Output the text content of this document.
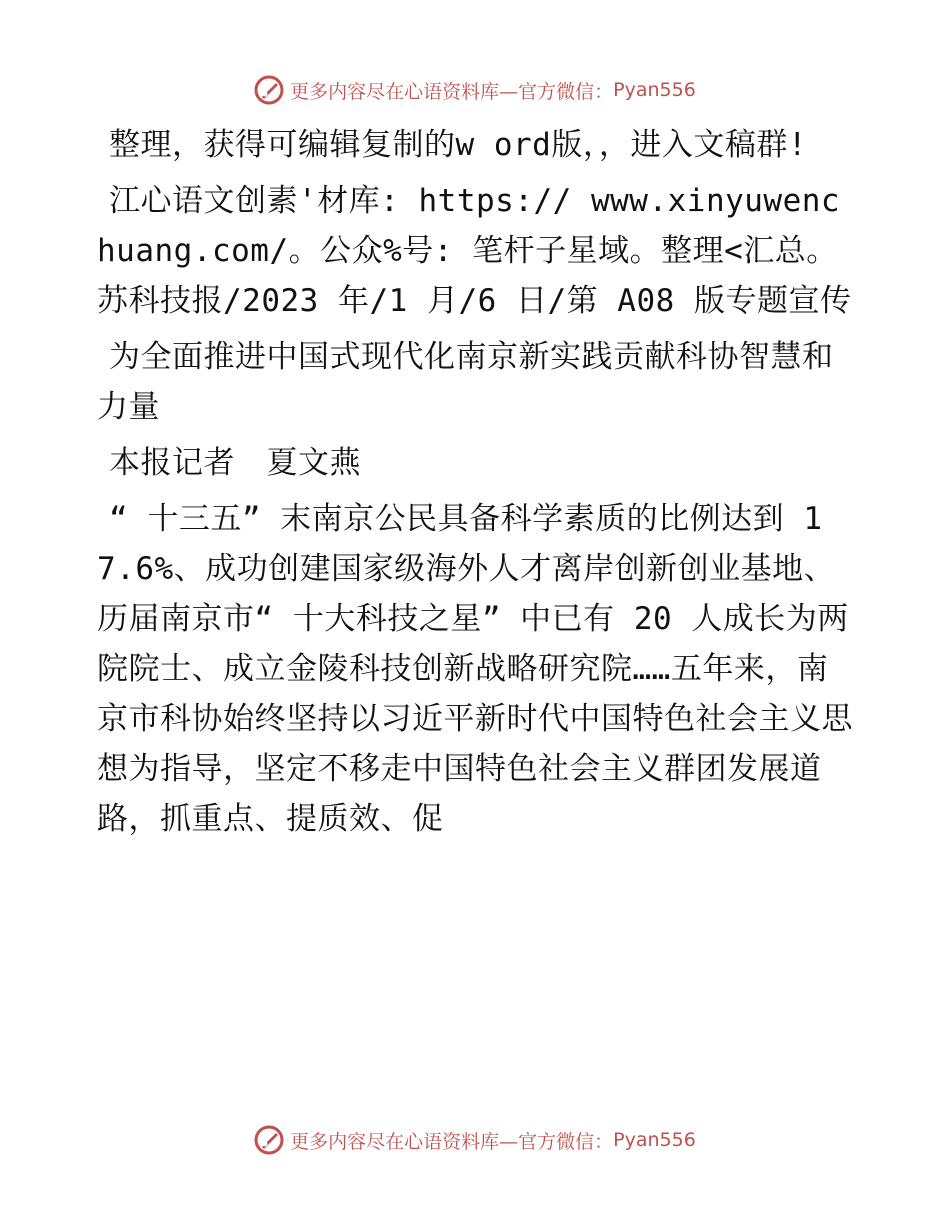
更多内容尽在心语资料库—官方微信： Pyan556

整理，获得可编辑复制的w ord版，，进入文稿群!

江心语文创素'材库: https:// www.xinyuwenchuang.com/。公众%号: 笔杆子星域。整理<汇总。苏科技报/2023 年/1 月/6 日/第 A08 版专题宣传

为全面推进中国式现代化南京新实践贡献科协智慧和力量

本报记者　夏文燕

“ 十三五” 末南京公民具备科学素质的比例达到 17.6%、成功创建国家级海外人才离岸创新创业基地、历届南京市“ 十大科技之星” 中已有 20 人成长为两院院士、成立金陵科技创新战略研究院……五年来，南京市科协始终坚持以习近平新时代中国特色社会主义思想为指导，坚定不移走中国特色社会主义群团发展道路，抓重点、提质效、促

更多内容尽在心语资料库—官方微信： Pyan556
